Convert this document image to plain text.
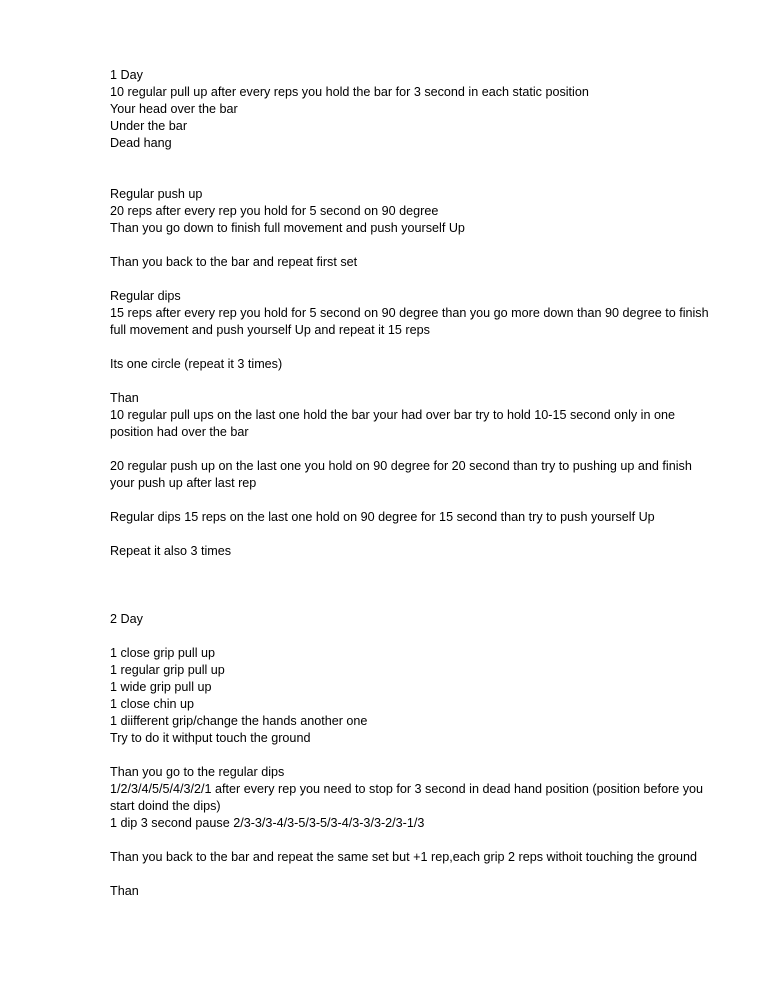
1 Day
10 regular pull up after every reps you hold the bar for 3 second in each static position
Your head over the bar
Under the bar
Dead hang
Regular push up
20 reps after every rep you hold for 5 second on 90 degree
Than you go down to finish full movement and push yourself Up
Than you back to the bar and repeat first set
Regular dips
15 reps after every rep you hold for 5 second on 90 degree than you go more down than 90 degree to finish full movement and push yourself Up and repeat it 15 reps
Its one circle (repeat it 3 times)
Than
10 regular pull ups on the last one hold the bar your had over bar try to hold 10-15 second only in one position had over the bar
20 regular push up on the last one you hold on 90 degree for 20 second than try to pushing up and finish your push up after last rep
Regular dips 15 reps on the last one hold on 90 degree for 15 second than try to push yourself Up
Repeat it also 3 times
2 Day
1 close grip pull up
1 regular grip pull up
1 wide grip pull up
1 close chin up
1 diifferent grip/change the hands another one
Try to do it withput touch the ground
Than you go to the regular dips
1/2/3/4/5/5/4/3/2/1 after every rep you need to stop for 3 second in dead hand position (position before you start doind the dips)
1 dip 3 second pause 2/3-3/3-4/3-5/3-5/3-4/3-3/3-2/3-1/3
Than you back to the bar and repeat the same set but +1 rep,each grip 2 reps withoit touching the ground
Than
